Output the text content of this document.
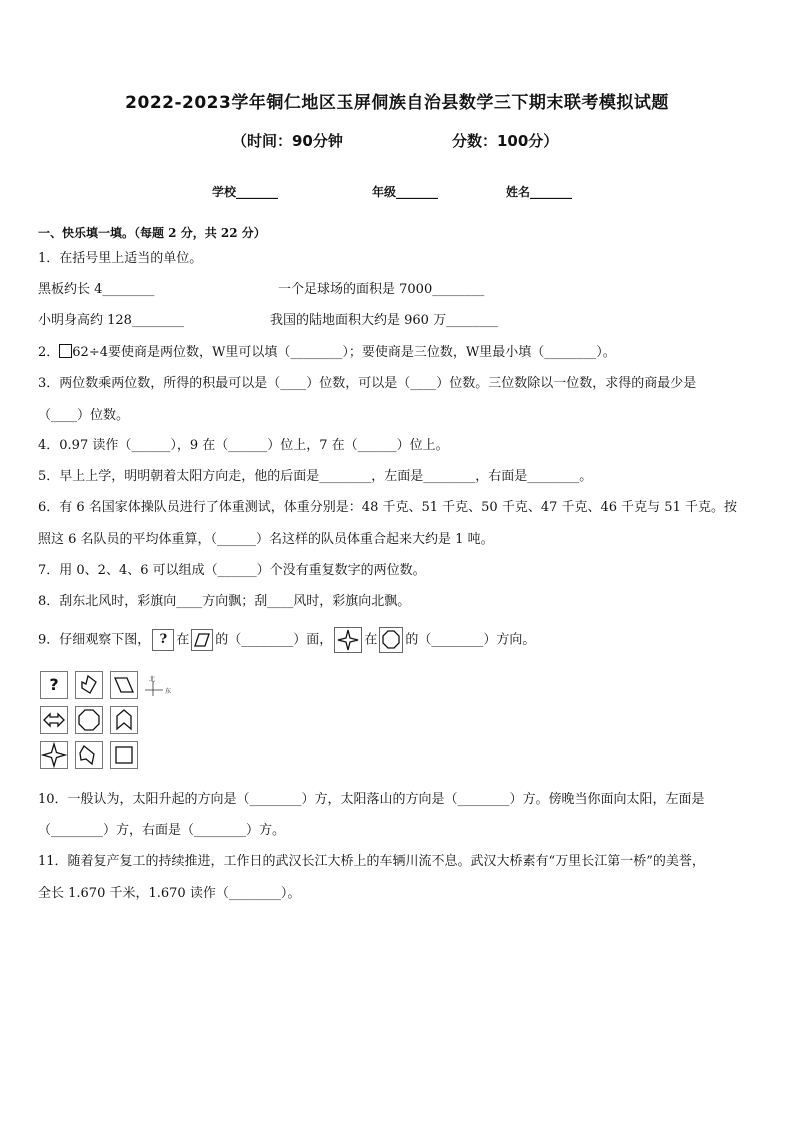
2022-2023学年铜仁地区玉屏侗族自治县数学三下期末联考模拟试题
（时间：90分钟	分数：100分）
学校_______	年级_______	姓名_______
一、快乐填一填。（每题 2 分，共 22 分）
1．在括号里上适当的单位。
黑板约长 4________	一个足球场的面积是 7000________
小明身高约 128________	我国的陆地面积大约是 960 万________
2． 62÷4要使商是两位数，W里可以填（________）；要使商是三位数，W里最小填（________）。
3．两位数乘两位数，所得的积最可以是（____）位数，可以是（____）位数。三位数除以一位数，求得的商最少是
（____）位数。
4．0.97 读作（______），9 在（______）位上，7 在（______）位上。
5．早上上学，明明朝着太阳方向走，他的后面是________，左面是________，右面是________。
6．有 6 名国家体操队员进行了体重测试，体重分别是：48 千克、51 千克、50 千克、47 千克、46 千克与 51 千克。按
照这 6 名队员的平均体重算，（______）名这样的队员体重合起来大约是 1 吨。
7．用 0、2、4、6 可以组成（______）个没有重复数字的两位数。
8．刮东北风时，彩旗向____方向飘；刮____风时，彩旗向北飘。
9．仔细观察下图， ? 在 的（________）面， 在 的（________）方向。
?	北
东
10．一般认为，太阳升起的方向是（________）方，太阳落山的方向是（________）方。傍晚当你面向太阳，左面是
（________）方，右面是（________）方。
11．随着复产复工的持续推进，工作日的武汉长江大桥上的车辆川流不息。武汉大桥素有“万里长江第一桥”的美誉，
全长 1.670 千米，1.670 读作（________）。
